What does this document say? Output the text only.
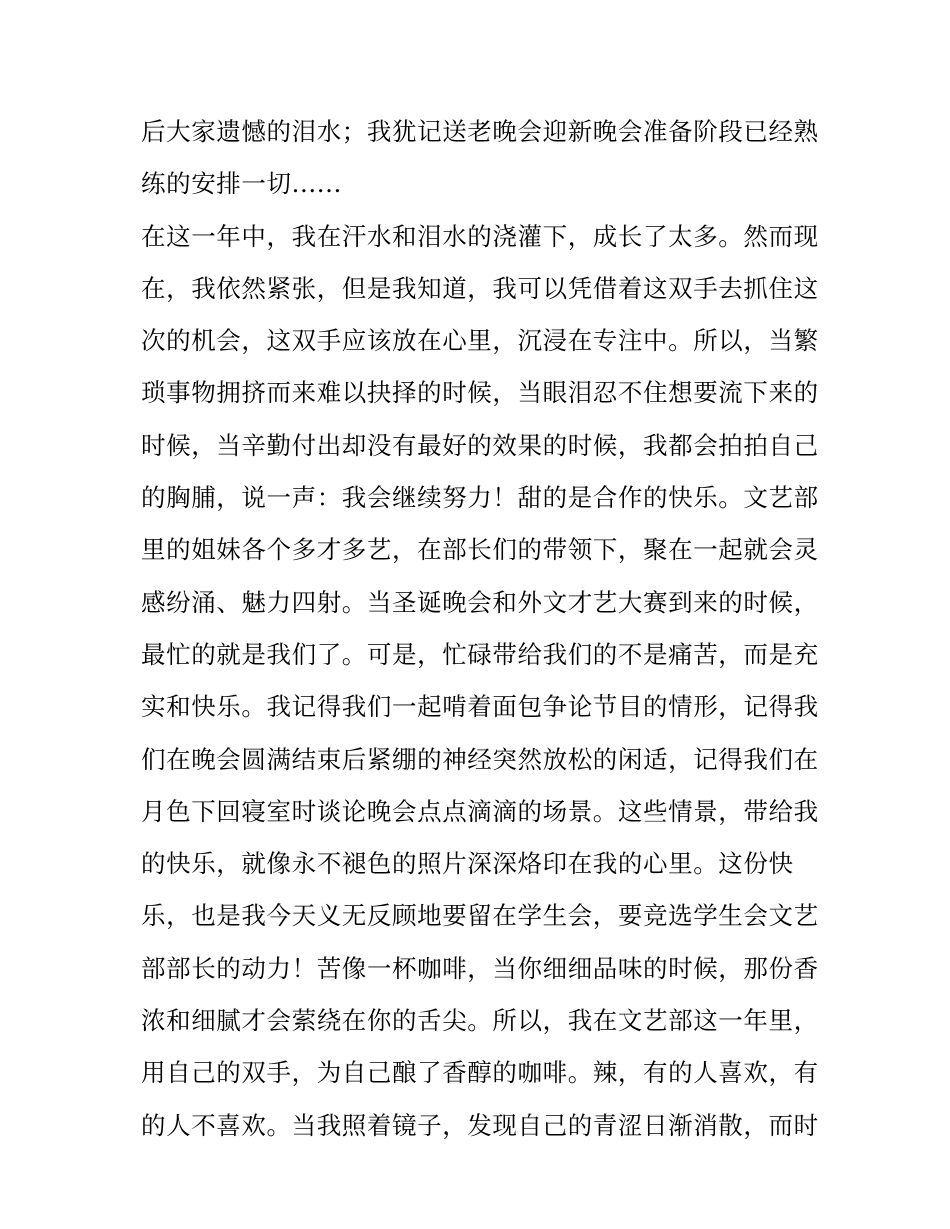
后大家遗憾的泪水；我犹记送老晚会迎新晚会准备阶段已经熟
练的安排一切......
在这一年中，我在汗水和泪水的浇灌下，成长了太多。然而现
在，我依然紧张，但是我知道，我可以凭借着这双手去抓住这
次的机会，这双手应该放在心里，沉浸在专注中。所以，当繁
琐事物拥挤而来难以抉择的时候，当眼泪忍不住想要流下来的
时候，当辛勤付出却没有最好的效果的时候，我都会拍拍自己
的胸脯，说一声：我会继续努力！甜的是合作的快乐。文艺部
里的姐妹各个多才多艺，在部长们的带领下，聚在一起就会灵
感纷涌、魅力四射。当圣诞晚会和外文才艺大赛到来的时候，
最忙的就是我们了。可是，忙碌带给我们的不是痛苦，而是充
实和快乐。我记得我们一起啃着面包争论节目的情形，记得我
们在晚会圆满结束后紧绷的神经突然放松的闲适，记得我们在
月色下回寝室时谈论晚会点点滴滴的场景。这些情景，带给我
的快乐，就像永不褪色的照片深深烙印在我的心里。这份快
乐，也是我今天义无反顾地要留在学生会，要竞选学生会文艺
部部长的动力！苦像一杯咖啡，当你细细品味的时候，那份香
浓和细腻才会萦绕在你的舌尖。所以，我在文艺部这一年里，
用自己的双手，为自己酿了香醇的咖啡。辣，有的人喜欢，有
的人不喜欢。当我照着镜子，发现自己的青涩日渐消散，而时
